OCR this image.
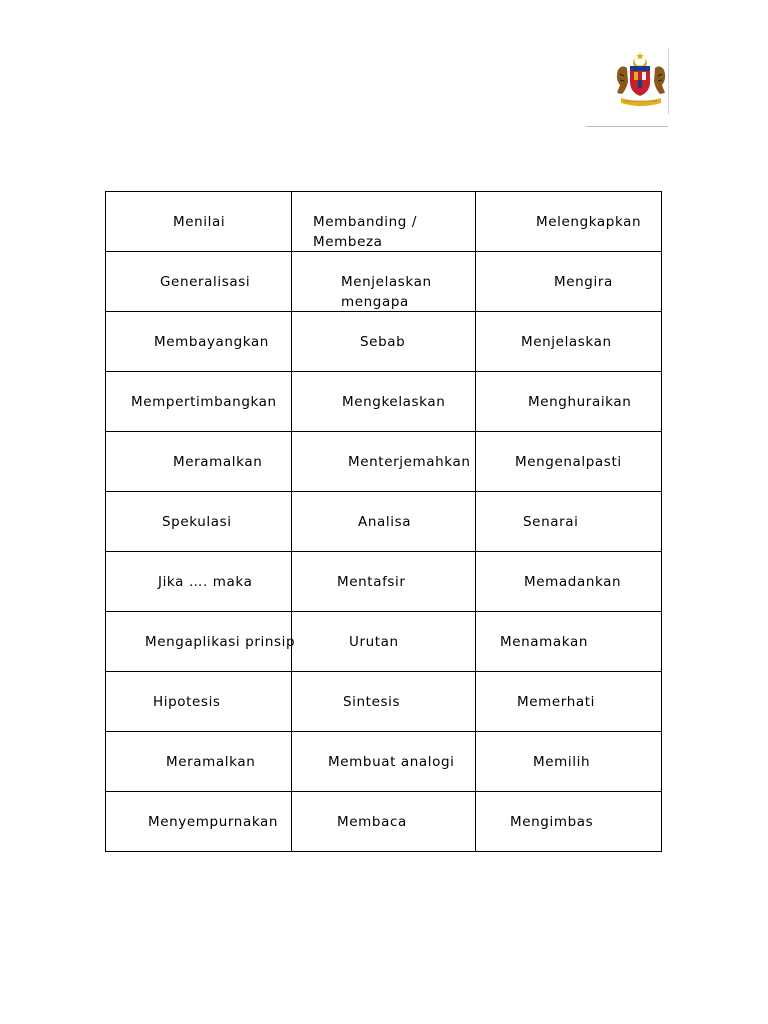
Menilai	Membanding / Membeza	Melengkapkan

Generalisasi	Menjelaskan mengapa	Mengira

Membayangkan	Sebab	Menjelaskan

Mempertimbangkan	Mengkelaskan	Menghuraikan

Meramalkan	Menterjemahkan	Mengenalpasti

Spekulasi	Analisa	Senarai

Jika …. maka	Mentafsir	Memadankan

Mengaplikasi prinsip	Urutan	Menamakan

Hipotesis	Sintesis	Memerhati

Meramalkan	Membuat analogi	Memilih

Menyempurnakan	Membaca	Mengimbas
